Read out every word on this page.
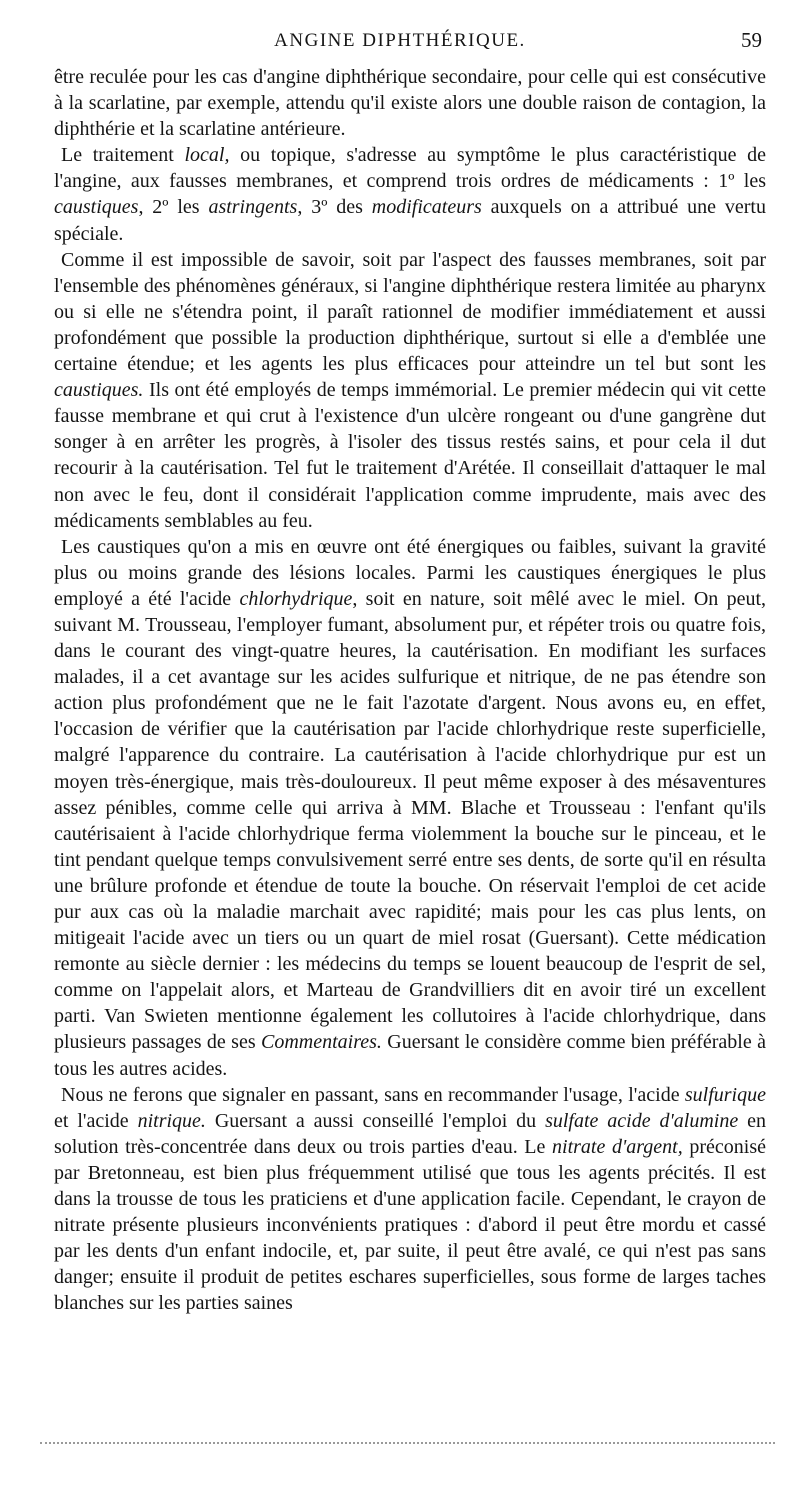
ANGINE DIPHTHÉRIQUE.	59

être reculée pour les cas d'angine diphthérique secondaire, pour celle qui est consécutive à la scarlatine, par exemple, attendu qu'il existe alors une double raison de contagion, la diphthérie et la scarlatine antérieure.

Le traitement local, ou topique, s'adresse au symptôme le plus caractéristique de l'angine, aux fausses membranes, et comprend trois ordres de médicaments : 1º les caustiques, 2º les astringents, 3º des modificateurs auxquels on a attribué une vertu spéciale.

Comme il est impossible de savoir, soit par l'aspect des fausses membranes, soit par l'ensemble des phénomènes généraux, si l'angine diphthérique restera limitée au pharynx ou si elle ne s'étendra point, il paraît rationnel de modifier immédiatement et aussi profondément que possible la production diphthérique, surtout si elle a d'emblée une certaine étendue; et les agents les plus efficaces pour atteindre un tel but sont les caustiques. Ils ont été employés de temps immémorial. Le premier médecin qui vit cette fausse membrane et qui crut à l'existence d'un ulcère rongeant ou d'une gangrène dut songer à en arrêter les progrès, à l'isoler des tissus restés sains, et pour cela il dut recourir à la cautérisation. Tel fut le traitement d'Arétée. Il conseillait d'attaquer le mal non avec le feu, dont il considérait l'application comme imprudente, mais avec des médicaments semblables au feu.

Les caustiques qu'on a mis en œuvre ont été énergiques ou faibles, suivant la gravité plus ou moins grande des lésions locales. Parmi les caustiques énergiques le plus employé a été l'acide chlorhydrique, soit en nature, soit mêlé avec le miel. On peut, suivant M. Trousseau, l'employer fumant, absolument pur, et répéter trois ou quatre fois, dans le courant des vingt-quatre heures, la cautérisation. En modifiant les surfaces malades, il a cet avantage sur les acides sulfurique et nitrique, de ne pas étendre son action plus profondément que ne le fait l'azotate d'argent. Nous avons eu, en effet, l'occasion de vérifier que la cautérisation par l'acide chlorhydrique reste superficielle, malgré l'apparence du contraire. La cautérisation à l'acide chlorhydrique pur est un moyen très-énergique, mais très-douloureux. Il peut même exposer à des mésaventures assez pénibles, comme celle qui arriva à MM. Blache et Trousseau : l'enfant qu'ils cautérisaient à l'acide chlorhydrique ferma violemment la bouche sur le pinceau, et le tint pendant quelque temps convulsivement serré entre ses dents, de sorte qu'il en résulta une brûlure profonde et étendue de toute la bouche. On réservait l'emploi de cet acide pur aux cas où la maladie marchait avec rapidité; mais pour les cas plus lents, on mitigeait l'acide avec un tiers ou un quart de miel rosat (Guersant). Cette médication remonte au siècle dernier : les médecins du temps se louent beaucoup de l'esprit de sel, comme on l'appelait alors, et Marteau de Grandvilliers dit en avoir tiré un excellent parti. Van Swieten mentionne également les collutoires à l'acide chlorhydrique, dans plusieurs passages de ses Commentaires. Guersant le considère comme bien préférable à tous les autres acides.

Nous ne ferons que signaler en passant, sans en recommander l'usage, l'acide sulfurique et l'acide nitrique. Guersant a aussi conseillé l'emploi du sulfate acide d'alumine en solution très-concentrée dans deux ou trois parties d'eau. Le nitrate d'argent, préconisé par Bretonneau, est bien plus fréquemment utilisé que tous les agents précités. Il est dans la trousse de tous les praticiens et d'une application facile. Cependant, le crayon de nitrate présente plusieurs inconvénients pratiques : d'abord il peut être mordu et cassé par les dents d'un enfant indocile, et, par suite, il peut être avalé, ce qui n'est pas sans danger; ensuite il produit de petites eschares superficielles, sous forme de larges taches blanches sur les parties saines
